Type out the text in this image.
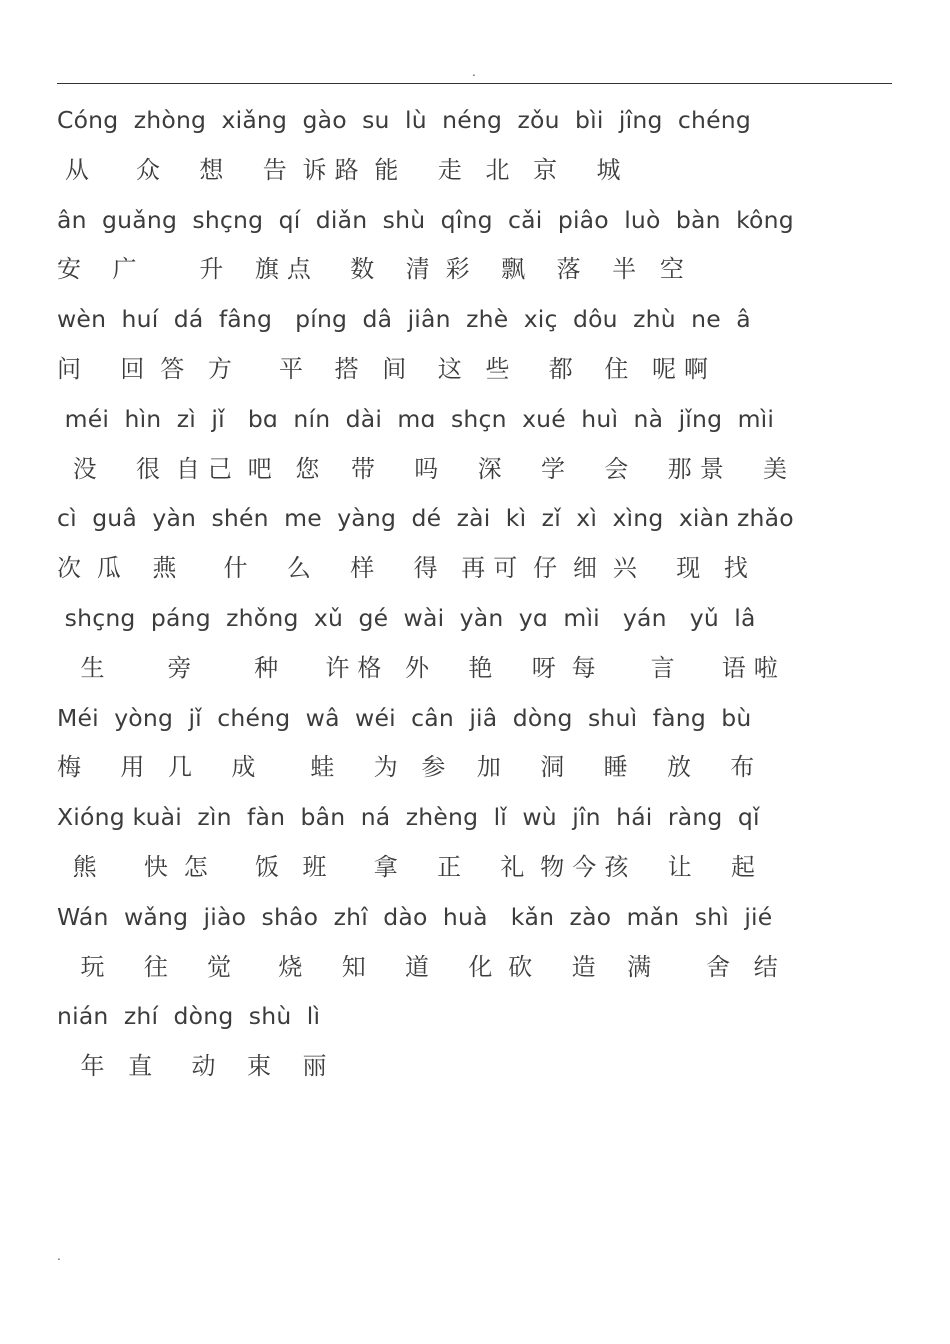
.
Cóng  zhòng  xiǎng  gào  su  lù  néng  zǒu  bìi  jîng  chéng
从      众     想     告  诉 路  能     走   北   京     城
ân  guǎng  shçng  qí  diǎn  shù  qîng  cǎi  piâo  luò  bàn  kông
安    广        升    旗 点     数    清  彩    飘    落    半   空
wèn  huí  dá  fâng   píng  dâ  jiân  zhè  xiç  dôu  zhù  ne  â
问     回  答   方      平    搭   间    这   些     都    住   呢 啊
méi  hìn  zì  jǐ   bɑ  nín  dài  mɑ  shçn  xué  huì  nà  jǐng  mìi
没     很  自 己  吧   您    带     吗     深     学     会     那 景     美
cì  guâ  yàn  shén  me  yàng  dé  zài  kì  zǐ  xì  xìng  xiàn zhǎo
次  瓜    燕      什     么     样     得   再 可  仔  细  兴     现   找
shçng  páng  zhǒng  xǔ  gé  wài  yàn  yɑ  mìi   yán   yǔ  lâ
生        旁        种      许 格   外     艳     呀  每       言      语 啦
Méi  yòng  jǐ  chéng  wâ  wéi  cân  jiâ  dòng  shuì  fàng  bù
梅     用   几     成       蛙     为   参    加     洞     睡     放     布
Xióng kuài  zìn  fàn  bân  ná  zhèng  lǐ  wù  jîn  hái  ràng  qǐ
熊      快  怎      饭   班      拿     正     礼  物 今 孩     让     起
Wán  wǎng  jiào  shâo  zhî  dào  huà   kǎn  zào  mǎn  shì  jié
玩     往     觉      烧     知     道     化  砍     造    满       舍   结
nián  zhí  dòng  shù  lì
年   直     动    束    丽
.
